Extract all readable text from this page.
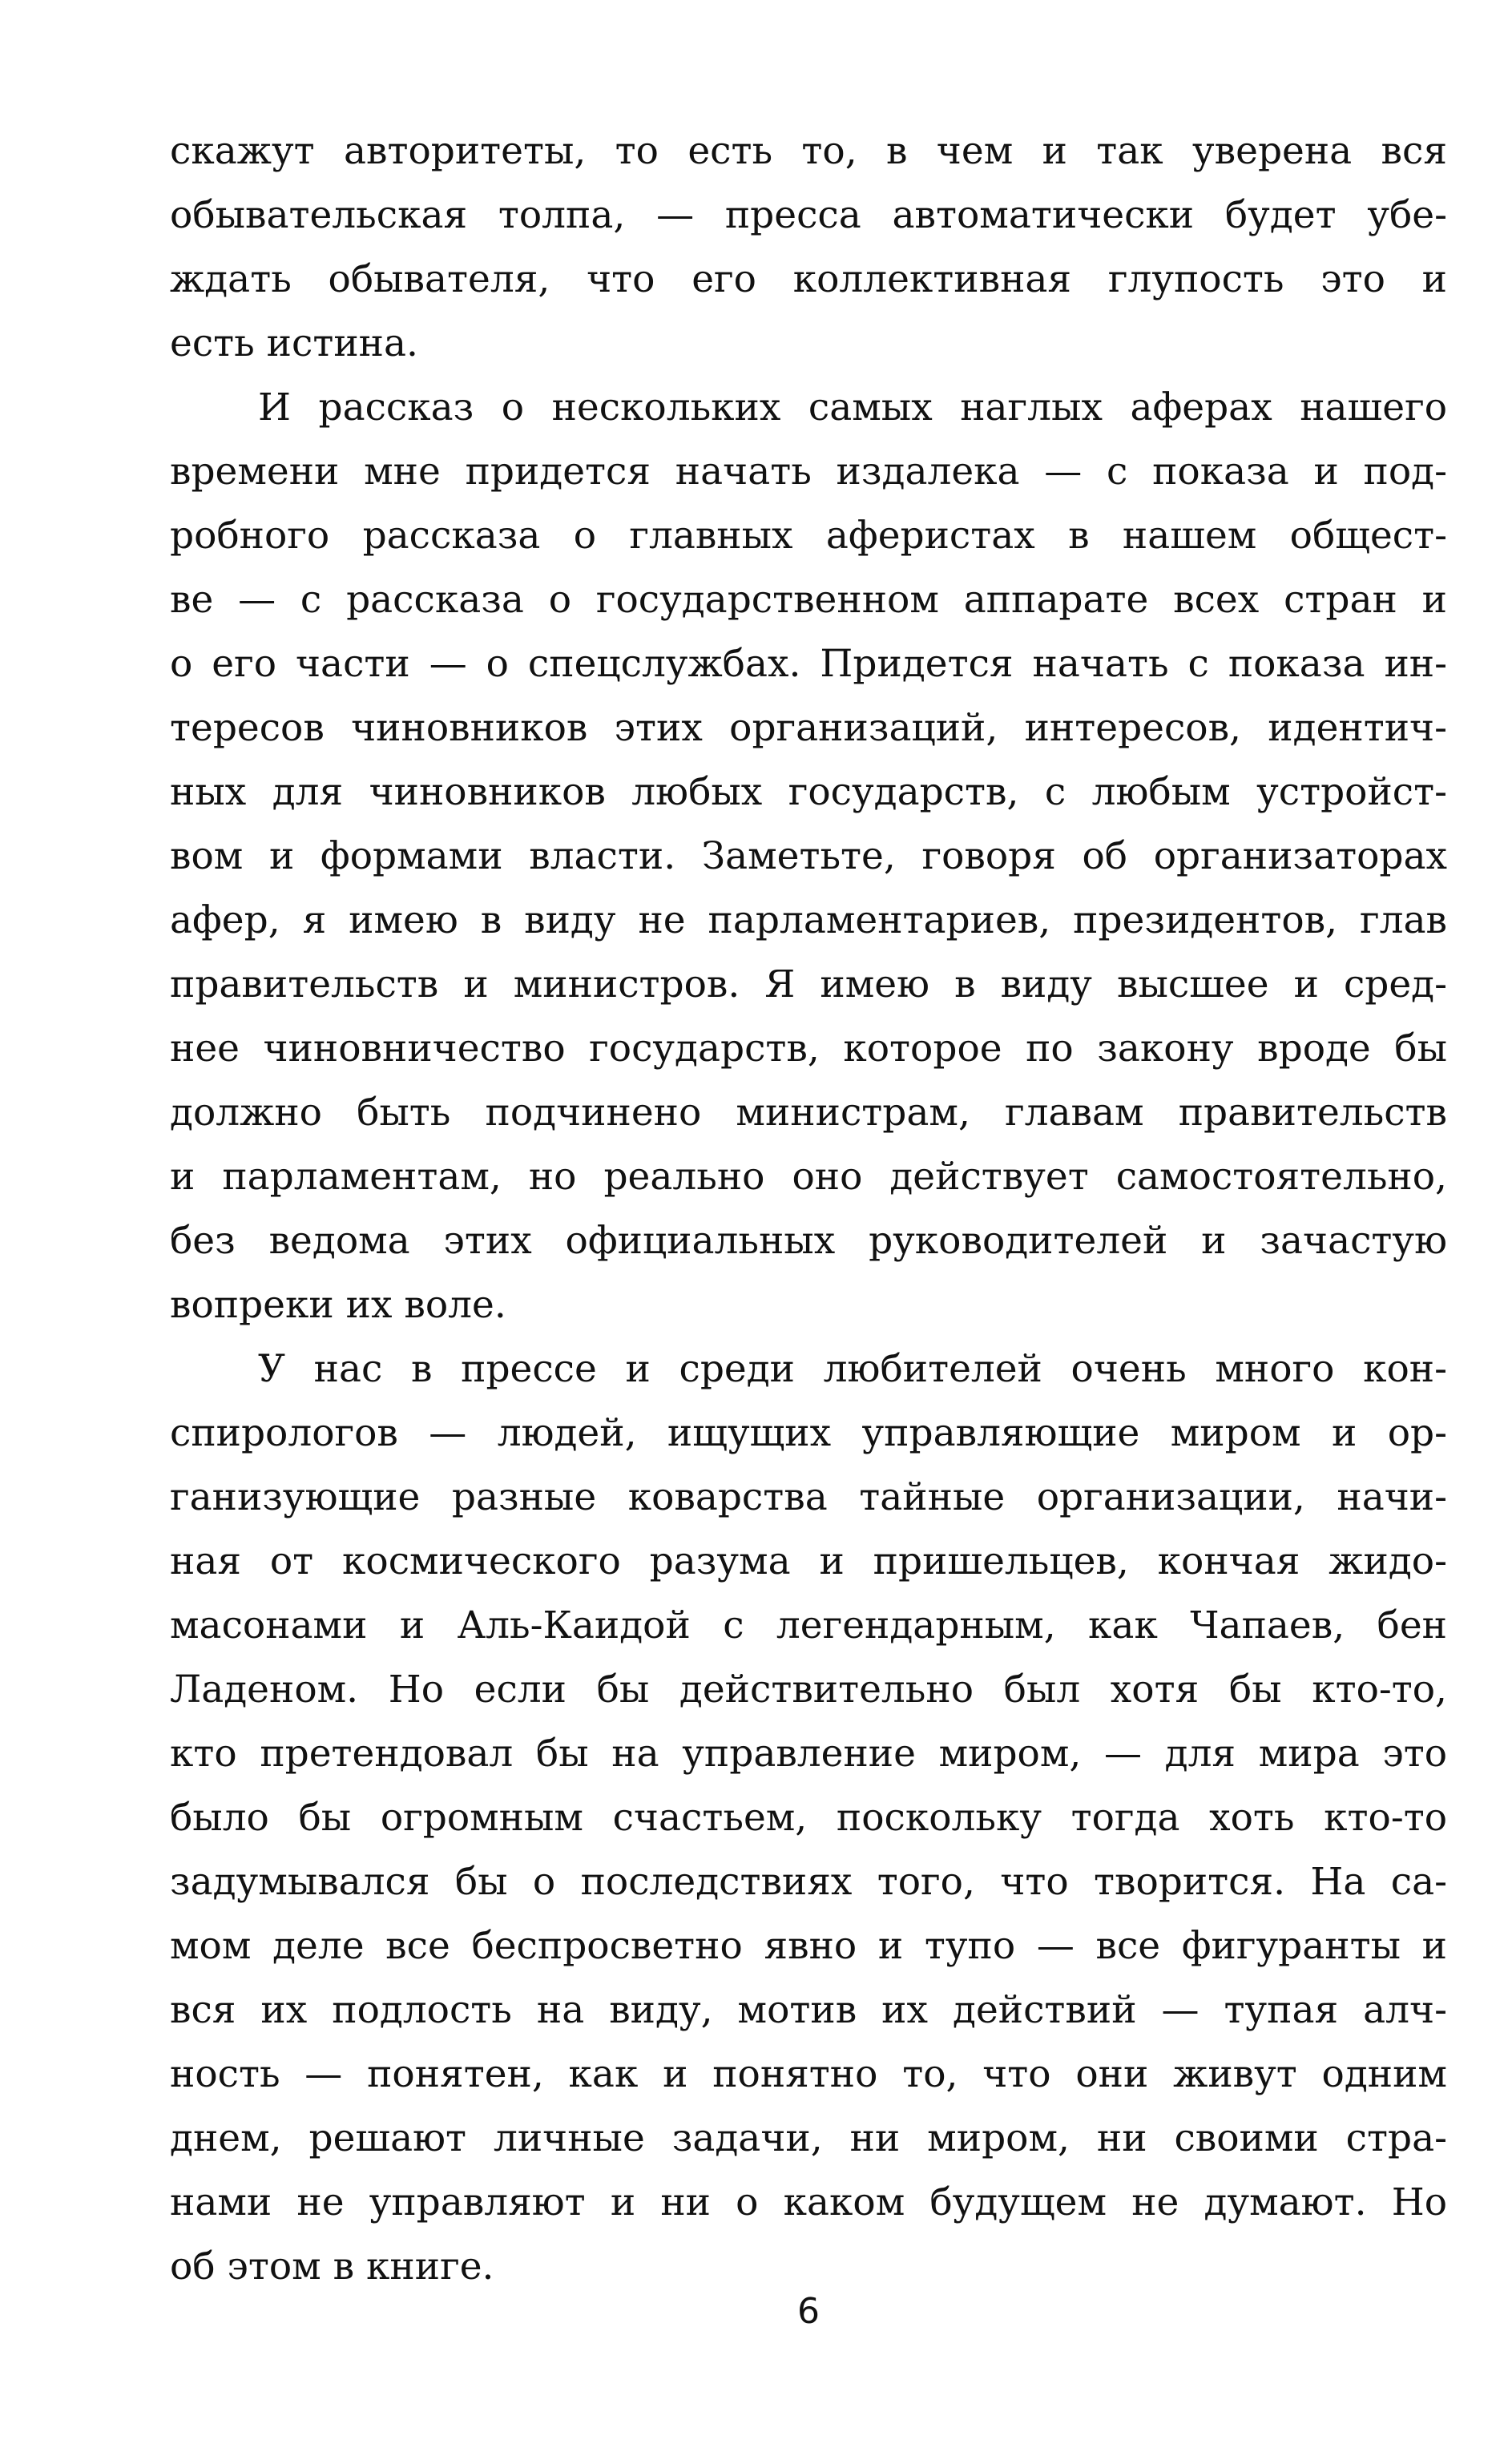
скажут авторитеты, то есть то, в чем и так уверена вся
обывательская толпа, — пресса автоматически будет убе-
ждать обывателя, что его коллективная глупость это и
есть истина.
И рассказ о нескольких самых наглых аферах нашего
времени мне придется начать издалека — с показа и под-
робного рассказа о главных аферистах в нашем общест-
ве — с рассказа о государственном аппарате всех стран и
о его части — о спецслужбах. Придется начать с показа ин-
тересов чиновников этих организаций, интересов, идентич-
ных для чиновников любых государств, с любым устройст-
вом и формами власти. Заметьте, говоря об организаторах
афер, я имею в виду не парламентариев, президентов, глав
правительств и министров. Я имею в виду высшее и сред-
нее чиновничество государств, которое по закону вроде бы
должно быть подчинено министрам, главам правительств
и парламентам, но реально оно действует самостоятельно,
без ведома этих официальных руководителей и зачастую
вопреки их воле.
У нас в прессе и среди любителей очень много кон-
спирологов — людей, ищущих управляющие миром и ор-
ганизующие разные коварства тайные организации, начи-
ная от космического разума и пришельцев, кончая жидо-
масонами и Аль-Каидой с легендарным, как Чапаев, бен
Ладеном. Но если бы действительно был хотя бы кто-то,
кто претендовал бы на управление миром, — для мира это
было бы огромным счастьем, поскольку тогда хоть кто-то
задумывался бы о последствиях того, что творится. На са-
мом деле все беспросветно явно и тупо — все фигуранты и
вся их подлость на виду, мотив их действий — тупая алч-
ность — понятен, как и понятно то, что они живут одним
днем, решают личные задачи, ни миром, ни своими стра-
нами не управляют и ни о каком будущем не думают. Но
об этом в книге.
6
